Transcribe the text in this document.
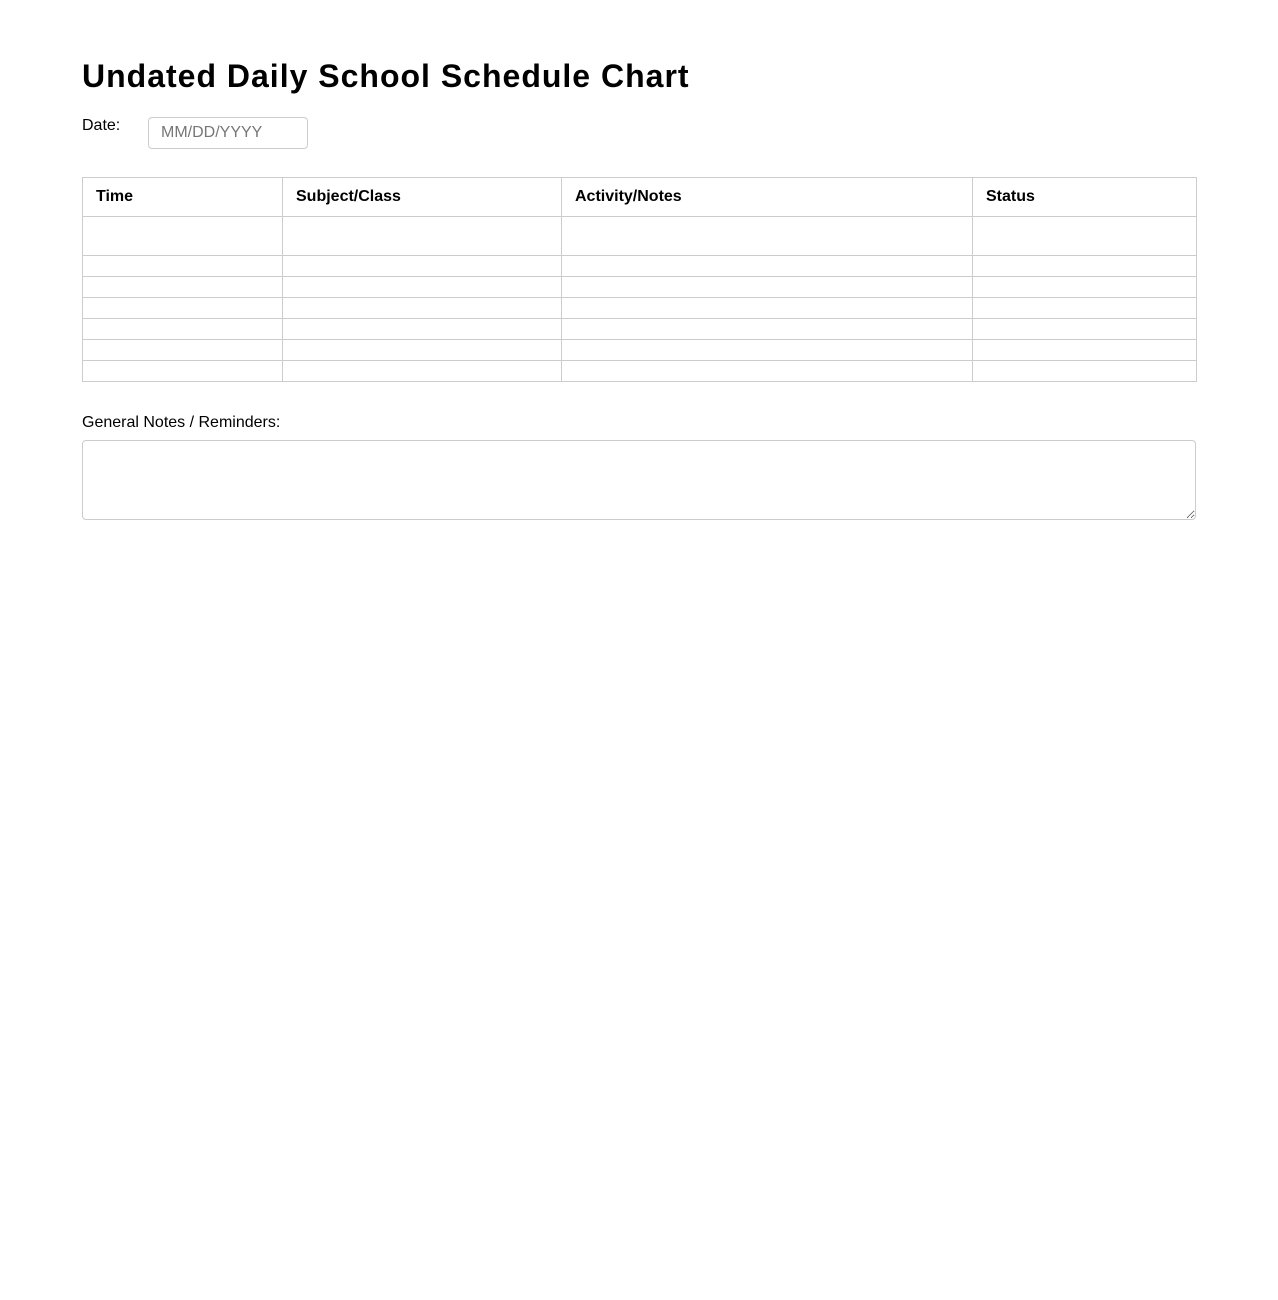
Undated Daily School Schedule Chart
Date:
MM/DD/YYYY
Time	Subject/Class	Activity/Notes	Status

General Notes / Reminders:
